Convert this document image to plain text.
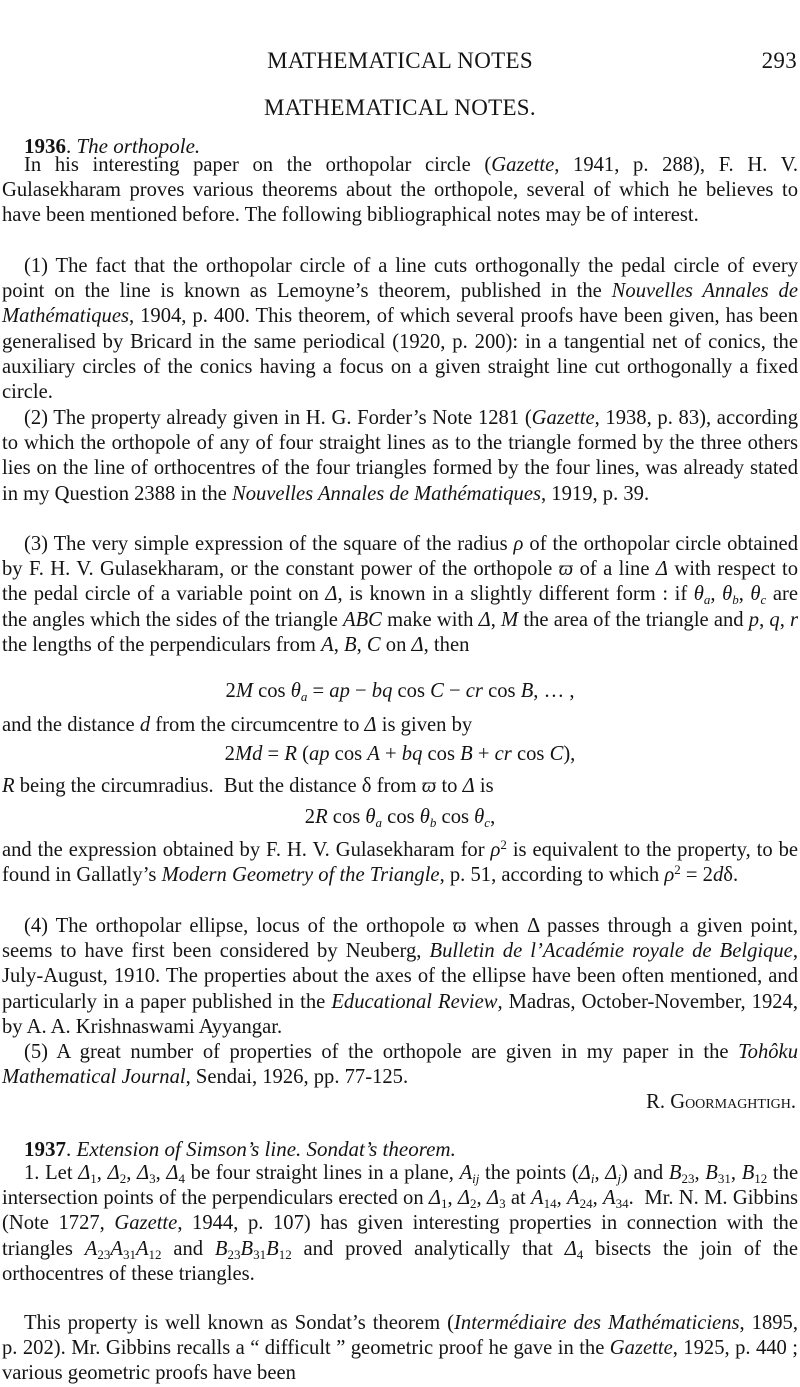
MATHEMATICAL NOTES	293
MATHEMATICAL NOTES.
1936. The orthopole.

In his interesting paper on the orthopolar circle (Gazette, 1941, p. 288), F. H. V. Gulasekharam proves various theorems about the orthopole, several of which he believes to have been mentioned before. The following bibliographical notes may be of interest.

(1) The fact that the orthopolar circle of a line cuts orthogonally the pedal circle of every point on the line is known as Lemoyne’s theorem, published in the Nouvelles Annales de Mathématiques, 1904, p. 400. This theorem, of which several proofs have been given, has been generalised by Bricard in the same periodical (1920, p. 200): in a tangential net of conics, the auxiliary circles of the conics having a focus on a given straight line cut orthogonally a fixed circle.

(2) The property already given in H. G. Forder’s Note 1281 (Gazette, 1938, p. 83), according to which the orthopole of any of four straight lines as to the triangle formed by the three others lies on the line of orthocentres of the four triangles formed by the four lines, was already stated in my Question 2388 in the Nouvelles Annales de Mathématiques, 1919, p. 39.

(3) The very simple expression of the square of the radius ρ of the orthopolar circle obtained by F. H. V. Gulasekharam, or the constant power of the orthopole ϖ of a line Δ with respect to the pedal circle of a variable point on Δ, is known in a slightly different form : if $\theta_a$, $\theta_b$, $\theta_c$ are the angles which the sides of the triangle ABC make with Δ, M the area of the triangle and p, q, r the lengths of the perpendiculars from A, B, C on Δ, then

2M $\cos \theta_a$ = ap − bq cos C − cr cos B, … ,

and the distance d from the circumcentre to Δ is given by

2Md = R (ap cos A + bq cos B + cr cos C),

R being the circumradius.  But the distance δ from ϖ to Δ is

2R $\cos \theta_a$ $\cos \theta_b$ $\cos \theta_c$,

and the expression obtained by F. H. V. Gulasekharam for $\rho^2$ is equivalent to the property, to be found in Gallatly’s Modern Geometry of the Triangle, p. 51, according to which $\rho^2 = 2d\delta$.

(4) The orthopolar ellipse, locus of the orthopole ϖ when Δ passes through a given point, seems to have first been considered by Neuberg, Bulletin de l’Académie royale de Belgique, July-August, 1910. The properties about the axes of the ellipse have been often mentioned, and particularly in a paper published in the Educational Review, Madras, October-November, 1924, by A. A. Krishnaswami Ayyangar.

(5) A great number of properties of the orthopole are given in my paper in the Tohôku Mathematical Journal, Sendai, 1926, pp. 77-125.

R. Goormaghtigh.
1937. Extension of Simson’s line. Sondat’s theorem.

1. Let $\Delta_1$, $\Delta_2$, $\Delta_3$, $\Delta_4$ be four straight lines in a plane, $A_{ij}$ the points ($\Delta_i$, $\Delta_j$) and $B_{23}$, $B_{31}$, $B_{12}$ the intersection points of the perpendiculars erected on $\Delta_1$, $\Delta_2$, $\Delta_3$ at $A_{14}$, $A_{24}$, $A_{34}$.  Mr. N. M. Gibbins (Note 1727, Gazette, 1944, p. 107) has given interesting properties in connection with the triangles $A_{23}A_{31}A_{12}$ and $B_{23}B_{31}B_{12}$ and proved analytically that $\Delta_4$ bisects the join of the orthocentres of these triangles.

This property is well known as Sondat’s theorem (Intermédiaire des Mathématiciens, 1895, p. 202). Mr. Gibbins recalls a “ difficult ” geometric proof he gave in the Gazette, 1925, p. 440 ; various geometric proofs have been
